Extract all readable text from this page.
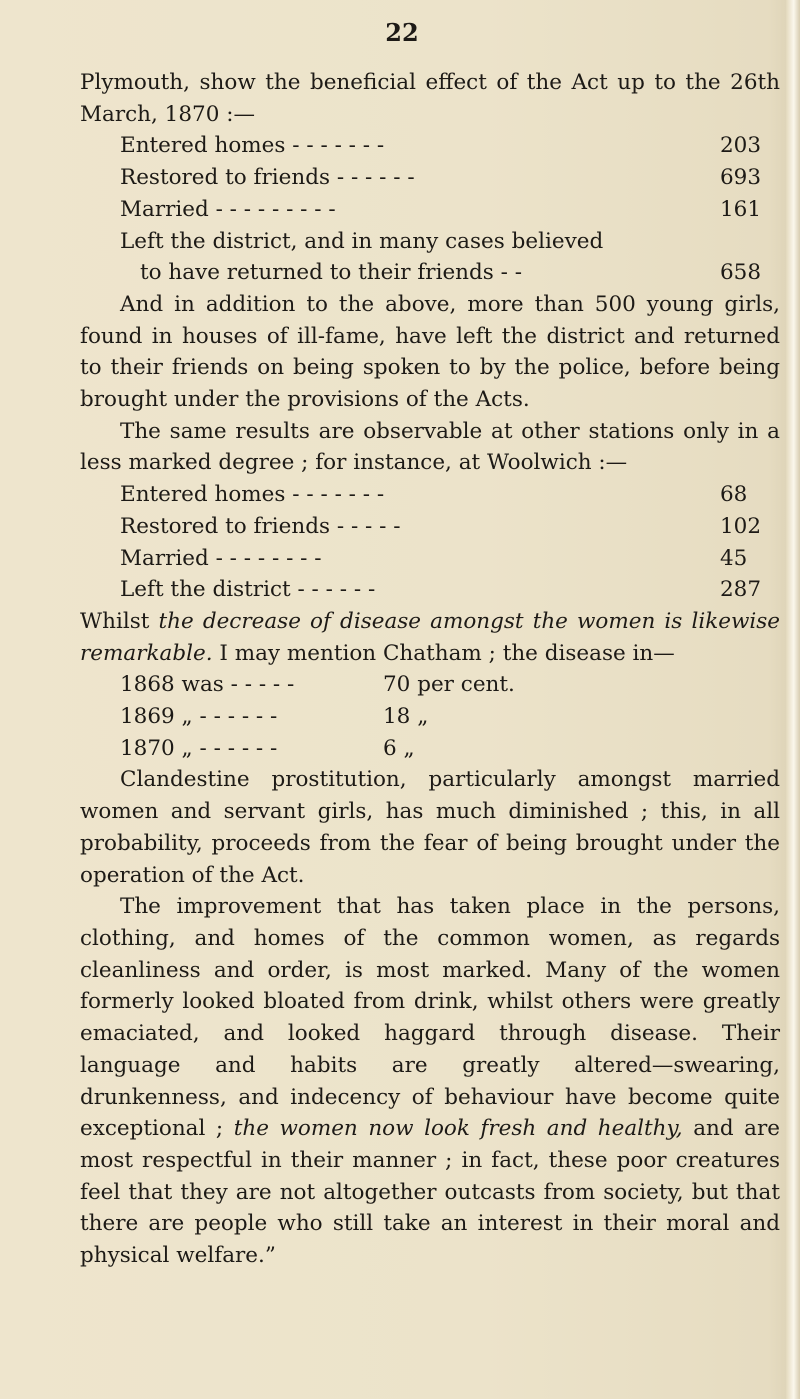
22

Plymouth, show the beneficial effect of the Act up to the 26th March, 1870 :—

Entered homes - - - - - - -	203
Restored to friends - - - - - -	693
Married - - - - - - - - -	161
Left the district, and in many cases believed
to have returned to their friends - -	658

And in addition to the above, more than 500 young girls, found in houses of ill-fame, have left the district and returned to their friends on being spoken to by the police, before being brought under the provisions of the Acts.

The same results are observable at other stations only in a less marked degree ; for instance, at Woolwich :—

Entered homes - - - - - - -	68
Restored to friends - - - - -	102
Married - - - - - - - -	45
Left the district - - - - - -	287

Whilst the decrease of disease amongst the women is likewise remarkable. I may mention Chatham ; the disease in—

1868 was - - - - -	70 per cent.
1869 „ - - - - - -	18 „
1870 „ - - - - - -	6 „

Clandestine prostitution, particularly amongst married women and servant girls, has much diminished ; this, in all probability, proceeds from the fear of being brought under the operation of the Act.

The improvement that has taken place in the persons, clothing, and homes of the common women, as regards cleanliness and order, is most marked. Many of the women formerly looked bloated from drink, whilst others were greatly emaciated, and looked haggard through disease. Their language and habits are greatly altered—swearing, drunkenness, and indecency of behaviour have become quite exceptional ; the women now look fresh and healthy, and are most respectful in their manner ; in fact, these poor creatures feel that they are not altogether outcasts from society, but that there are people who still take an interest in their moral and physical welfare.”
